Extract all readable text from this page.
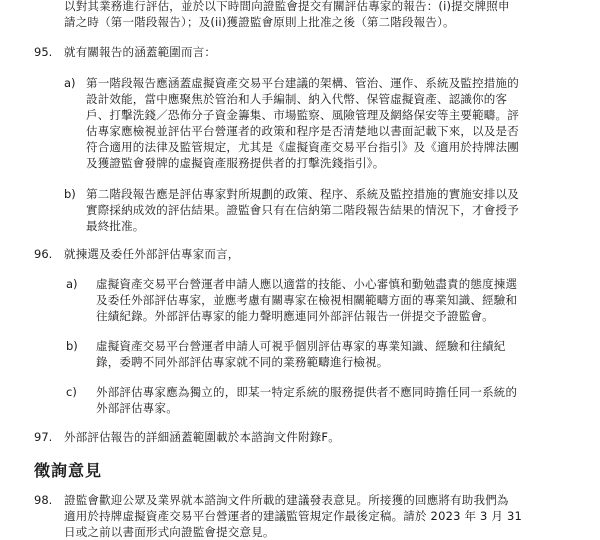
以對其業務進行評估，並於以下時間向證監會提交有關評估專家的報告：(i)提交牌照申
請之時（第一階段報告）；及(ii)獲證監會原則上批准之後（第二階段報告）。
95. 就有關報告的涵蓋範圍而言：
a) 第一階段報告應涵蓋虛擬資產交易平台建議的架構、管治、運作、系統及監控措施的
設計效能，當中應聚焦於管治和人手編制、納入代幣、保管虛擬資產、認識你的客
戶、打擊洗錢／恐佈分子資金籌集、市場監察、風險管理及網絡保安等主要範疇。評
估專家應檢視並評估平台營運者的政策和程序是否清楚地以書面記載下來，以及是否
符合適用的法律及監管規定，尤其是《虛擬資產交易平台指引》及《適用於持牌法團
及獲證監會發牌的虛擬資產服務提供者的打擊洗錢指引》。
b) 第二階段報告應是評估專家對所規劃的政策、程序、系統及監控措施的實施安排以及
實際採納成效的評估結果。證監會只有在信納第二階段報告結果的情況下，才會授予
最終批准。
96. 就揀選及委任外部評估專家而言，
a) 虛擬資產交易平台營運者申請人應以適當的技能、小心審慎和勤勉盡責的態度揀選
及委任外部評估專家，並應考慮有關專家在檢視相關範疇方面的專業知識、經驗和
往績紀錄。外部評估專家的能力聲明應連同外部評估報告一併提交予證監會。
b) 虛擬資產交易平台營運者申請人可視乎個別評估專家的專業知識、經驗和往績紀
錄，委聘不同外部評估專家就不同的業務範疇進行檢視。
c) 外部評估專家應為獨立的，即某一特定系統的服務提供者不應同時擔任同一系統的
外部評估專家。
97. 外部評估報告的詳細涵蓋範圍載於本諮詢文件附錄F。
徵詢意見
98. 證監會歡迎公眾及業界就本諮詢文件所載的建議發表意見。所接獲的回應將有助我們為
適用於持牌虛擬資產交易平台營運者的建議監管規定作最後定稿。請於 2023 年 3 月 31
日或之前以書面形式向證監會提交意見。
